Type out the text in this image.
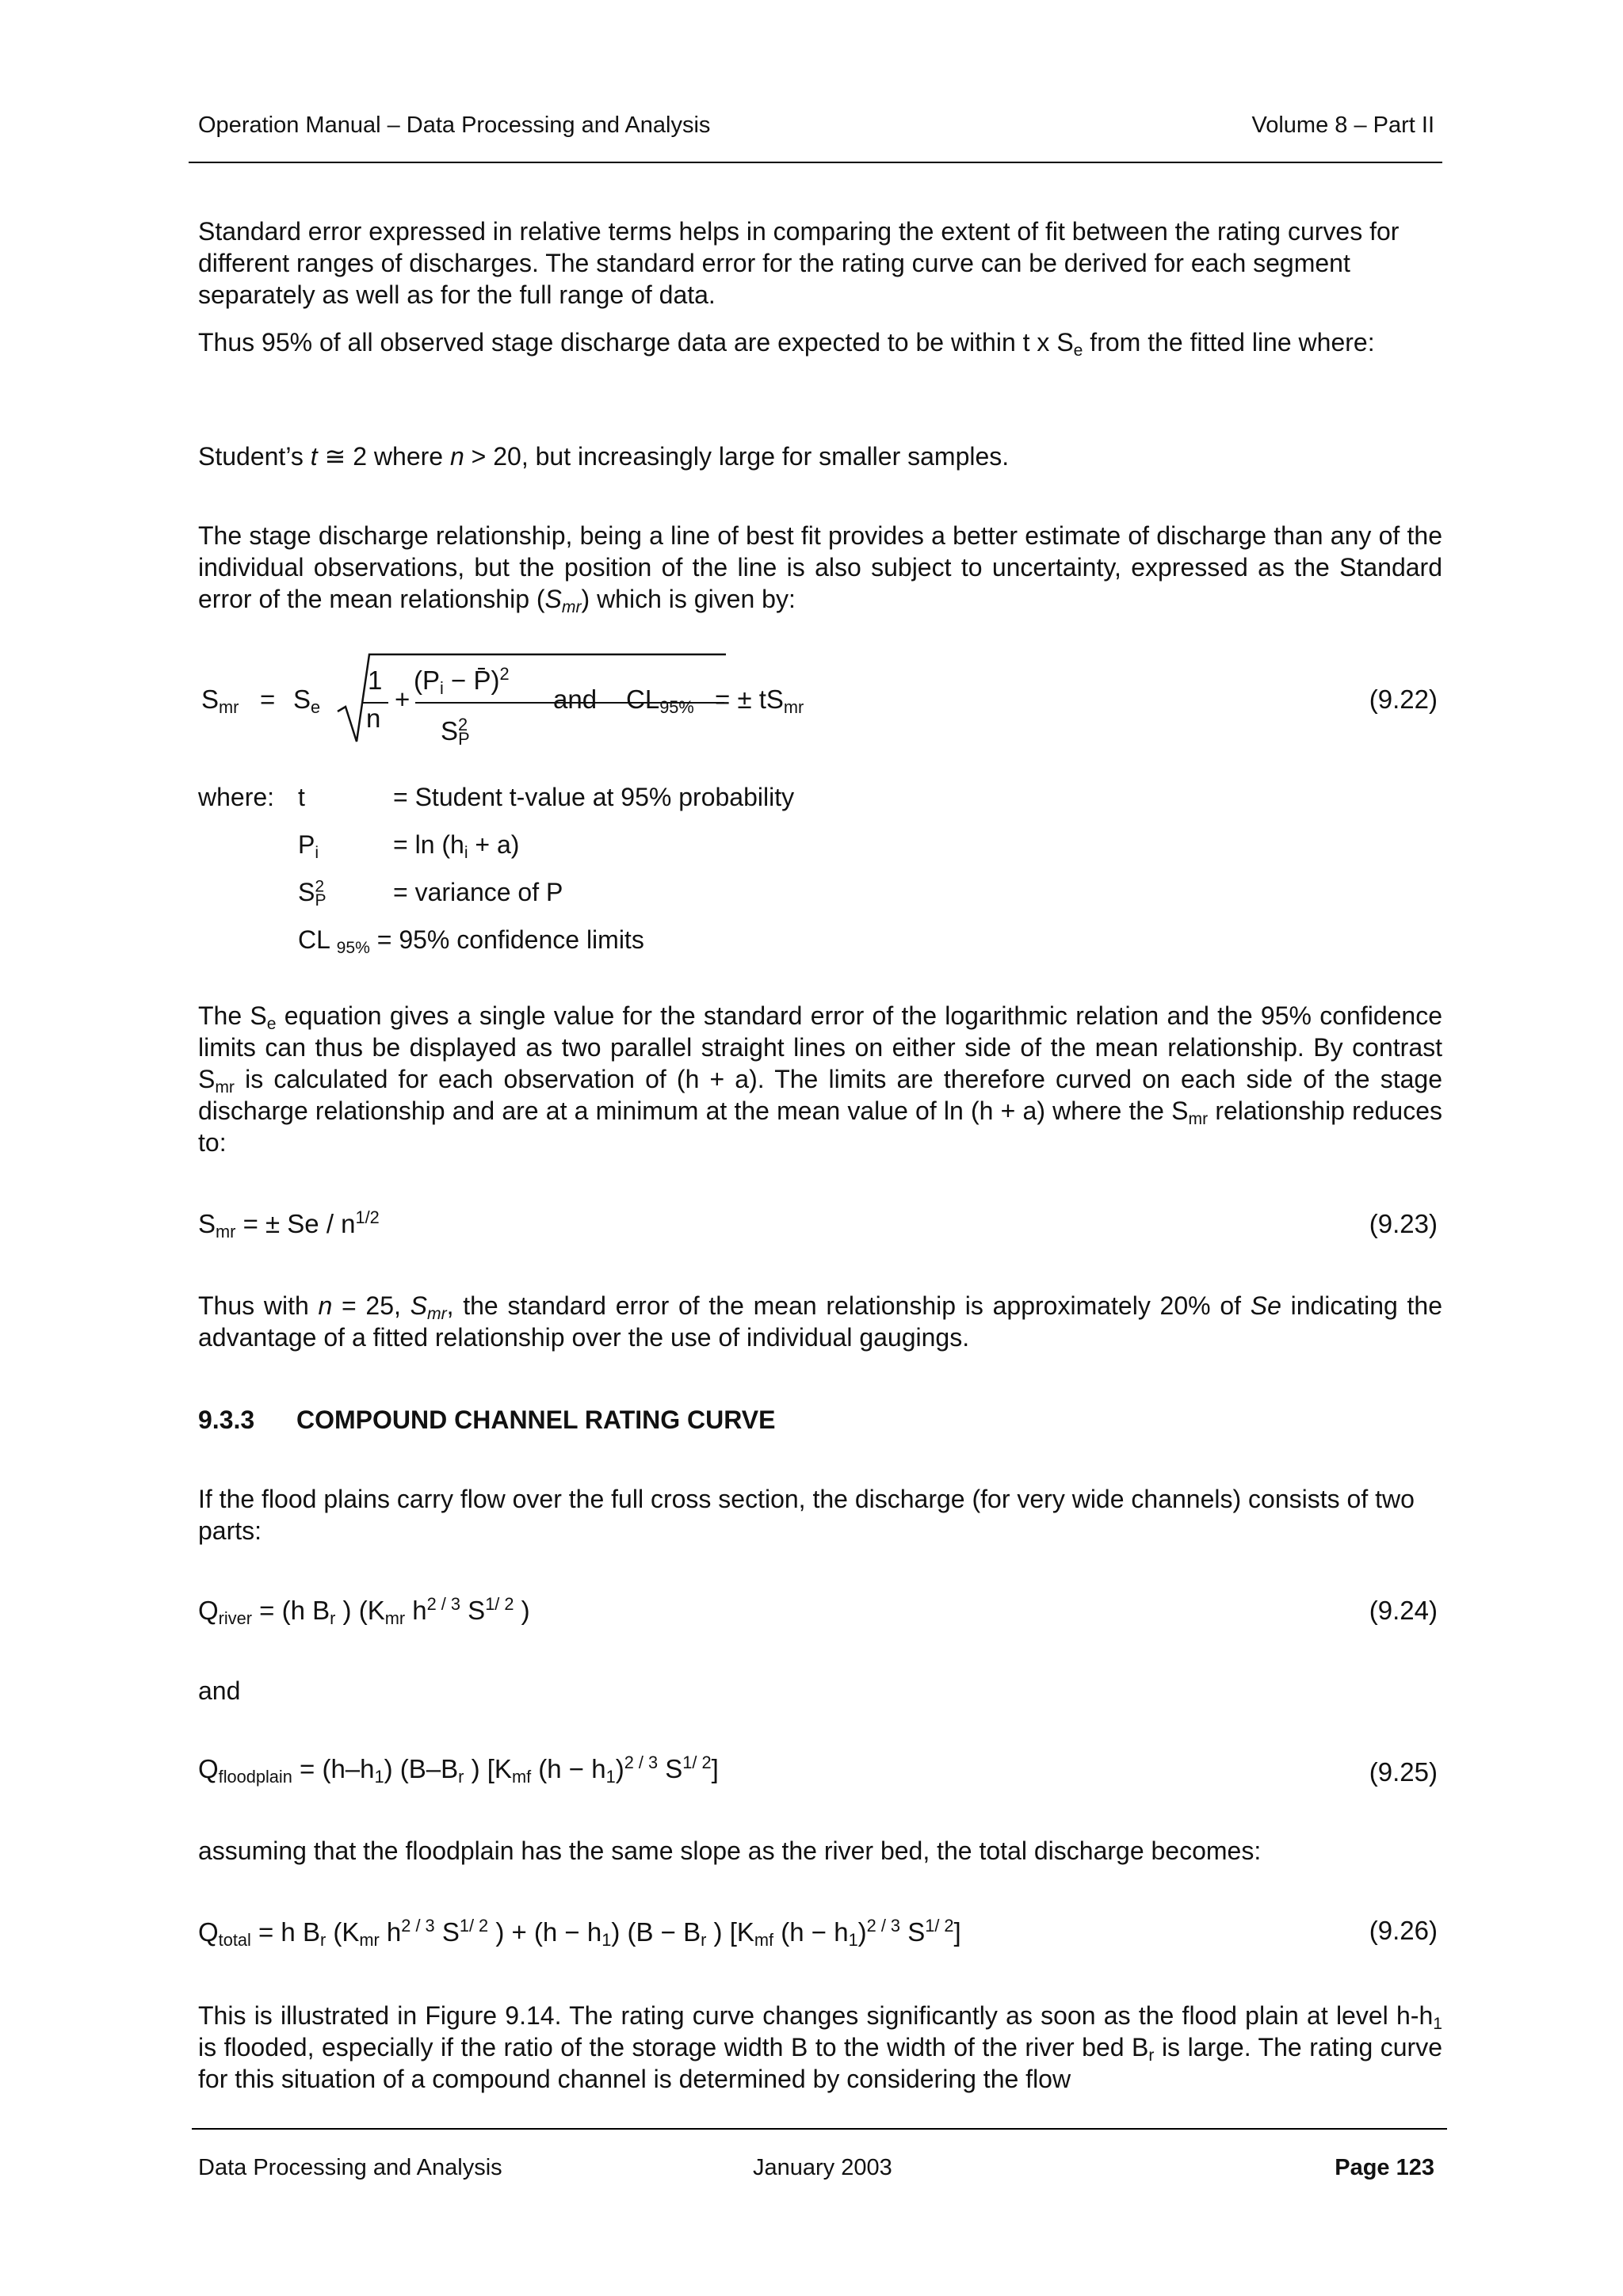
Operation Manual – Data Processing and Analysis	Volume 8 – Part II
Standard error expressed in relative terms helps in comparing the extent of fit between the rating curves for different ranges of discharges. The standard error for the rating curve can be derived for each segment separately as well as for the full range of data.
Thus 95% of all observed stage discharge data are expected to be within t x $S_e$ from the fitted line where:
Student’s t ≅ 2 where n > 20, but increasingly large for smaller samples.
The stage discharge relationship, being a line of best fit provides a better estimate of discharge than any of the individual observations, but the position of the line is also subject to uncertainty, expressed as the Standard error of the mean relationship $(S_{mr})$ which is given by:
$S_{mr} = S_e$
1
n
+
($P_i$ − P̄)$^2$
$S^2_P$
and $CL_{95\%}$ = ± $tS_{mr}$	(9.22)
where: t	= Student t-value at 95% probability
$P_i$	= $\ln (h_i + a)$
$S^2_P$	= variance of P
CL $_{95\%}$ = 95% confidence limits
The $S_e$ equation gives a single value for the standard error of the logarithmic relation and the 95% confidence limits can thus be displayed as two parallel straight lines on either side of the mean relationship. By contrast $S_{mr}$ is calculated for each observation of (h + a). The limits are therefore curved on each side of the stage discharge relationship and are at a minimum at the mean value of ln (h + a) where the $S_{mr}$ relationship reduces to:
$S_{mr}$ = ± Se / $n^{1/2}$	(9.23)
Thus with n = 25, $S_{mr}$, the standard error of the mean relationship is approximately 20% of Se indicating the advantage of a fitted relationship over the use of individual gaugings.
9.3.3 COMPOUND CHANNEL RATING CURVE
If the flood plains carry flow over the full cross section, the discharge (for very wide channels) consists of two parts:
$Q_{river} = (h$ $B_r$ ) ($K_{mr}$ $h^{2 / 3}$ $S^{1/ 2}$ )	(9.24)
and
$Q_{floodplain} = (h-h_1)$ ($B-B_r$ ) [$K_{mf}$ $(h - h_1)^{2 / 3}$ $S^{1/ 2}$]	(9.25)
assuming that the floodplain has the same slope as the river bed, the total discharge becomes:
$Q_{total} = h$ $B_r$ ($K_{mr}$ $h^{2 / 3}$ $S^{1/ 2}$ ) + $(h - h_1)$ ($B - B_r$ ) [$K_{mf}$ $(h - h_1)^{2 / 3}$ $S^{1/ 2}$]	(9.26)
This is illustrated in Figure 9.14. The rating curve changes significantly as soon as the flood plain at level $h-h_1$ is flooded, especially if the ratio of the storage width B to the width of the river bed $B_r$ is large. The rating curve for this situation of a compound channel is determined by considering the flow
Data Processing and Analysis	January 2003	Page 123
